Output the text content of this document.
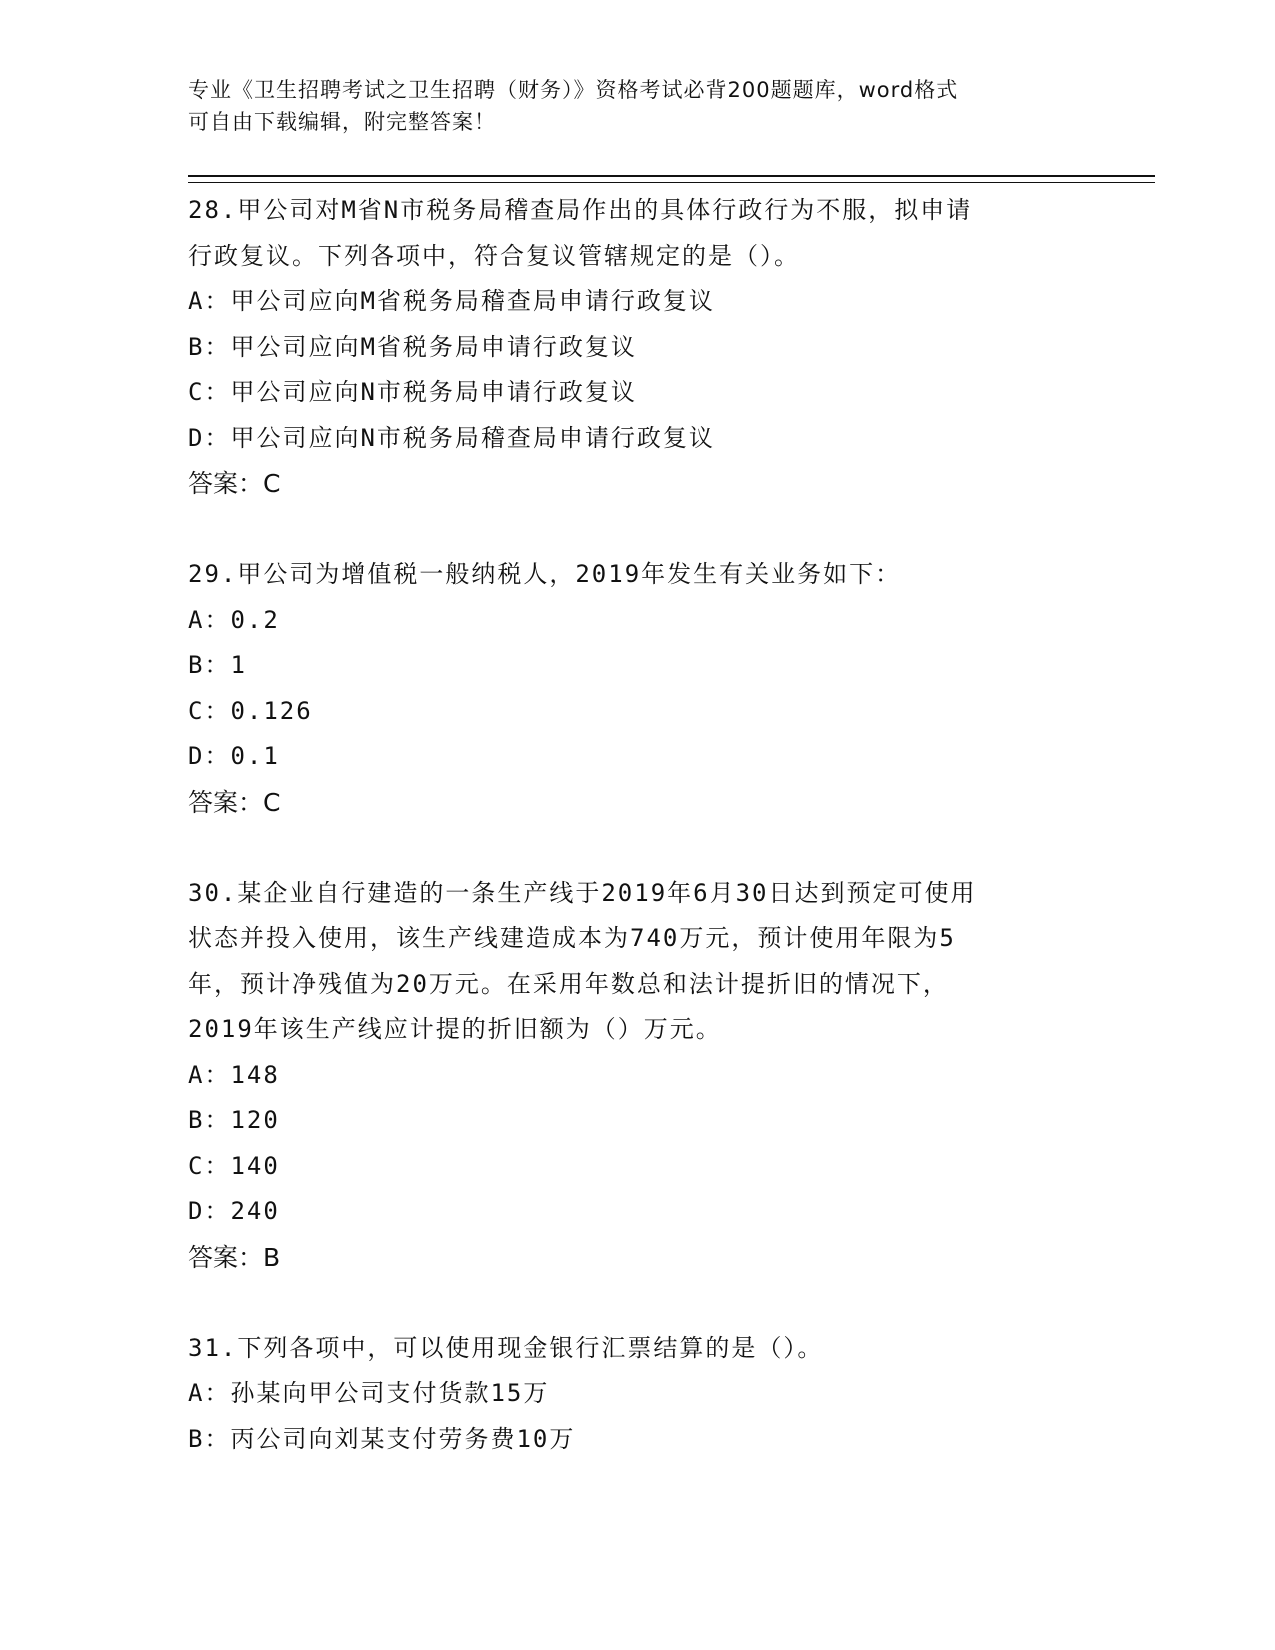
专业《卫生招聘考试之卫生招聘（财务）》资格考试必背200题题库，word格式
可自由下载编辑，附完整答案！
28.甲公司对M省N市税务局稽查局作出的具体行政行为不服，拟申请
行政复议。下列各项中，符合复议管辖规定的是（）。
A：甲公司应向M省税务局稽查局申请行政复议
B：甲公司应向M省税务局申请行政复议
C：甲公司应向N市税务局申请行政复议
D：甲公司应向N市税务局稽查局申请行政复议
答案：C
29.甲公司为增值税一般纳税人，2019年发生有关业务如下：
A：0.2
B：1
C：0.126
D：0.1
答案：C
30.某企业自行建造的一条生产线于2019年6月30日达到预定可使用
状态并投入使用，该生产线建造成本为740万元，预计使用年限为5
年，预计净残值为20万元。在采用年数总和法计提折旧的情况下，
2019年该生产线应计提的折旧额为（）万元。
A：148
B：120
C：140
D：240
答案：B
31.下列各项中，可以使用现金银行汇票结算的是（）。
A：孙某向甲公司支付货款15万
B：丙公司向刘某支付劳务费10万
